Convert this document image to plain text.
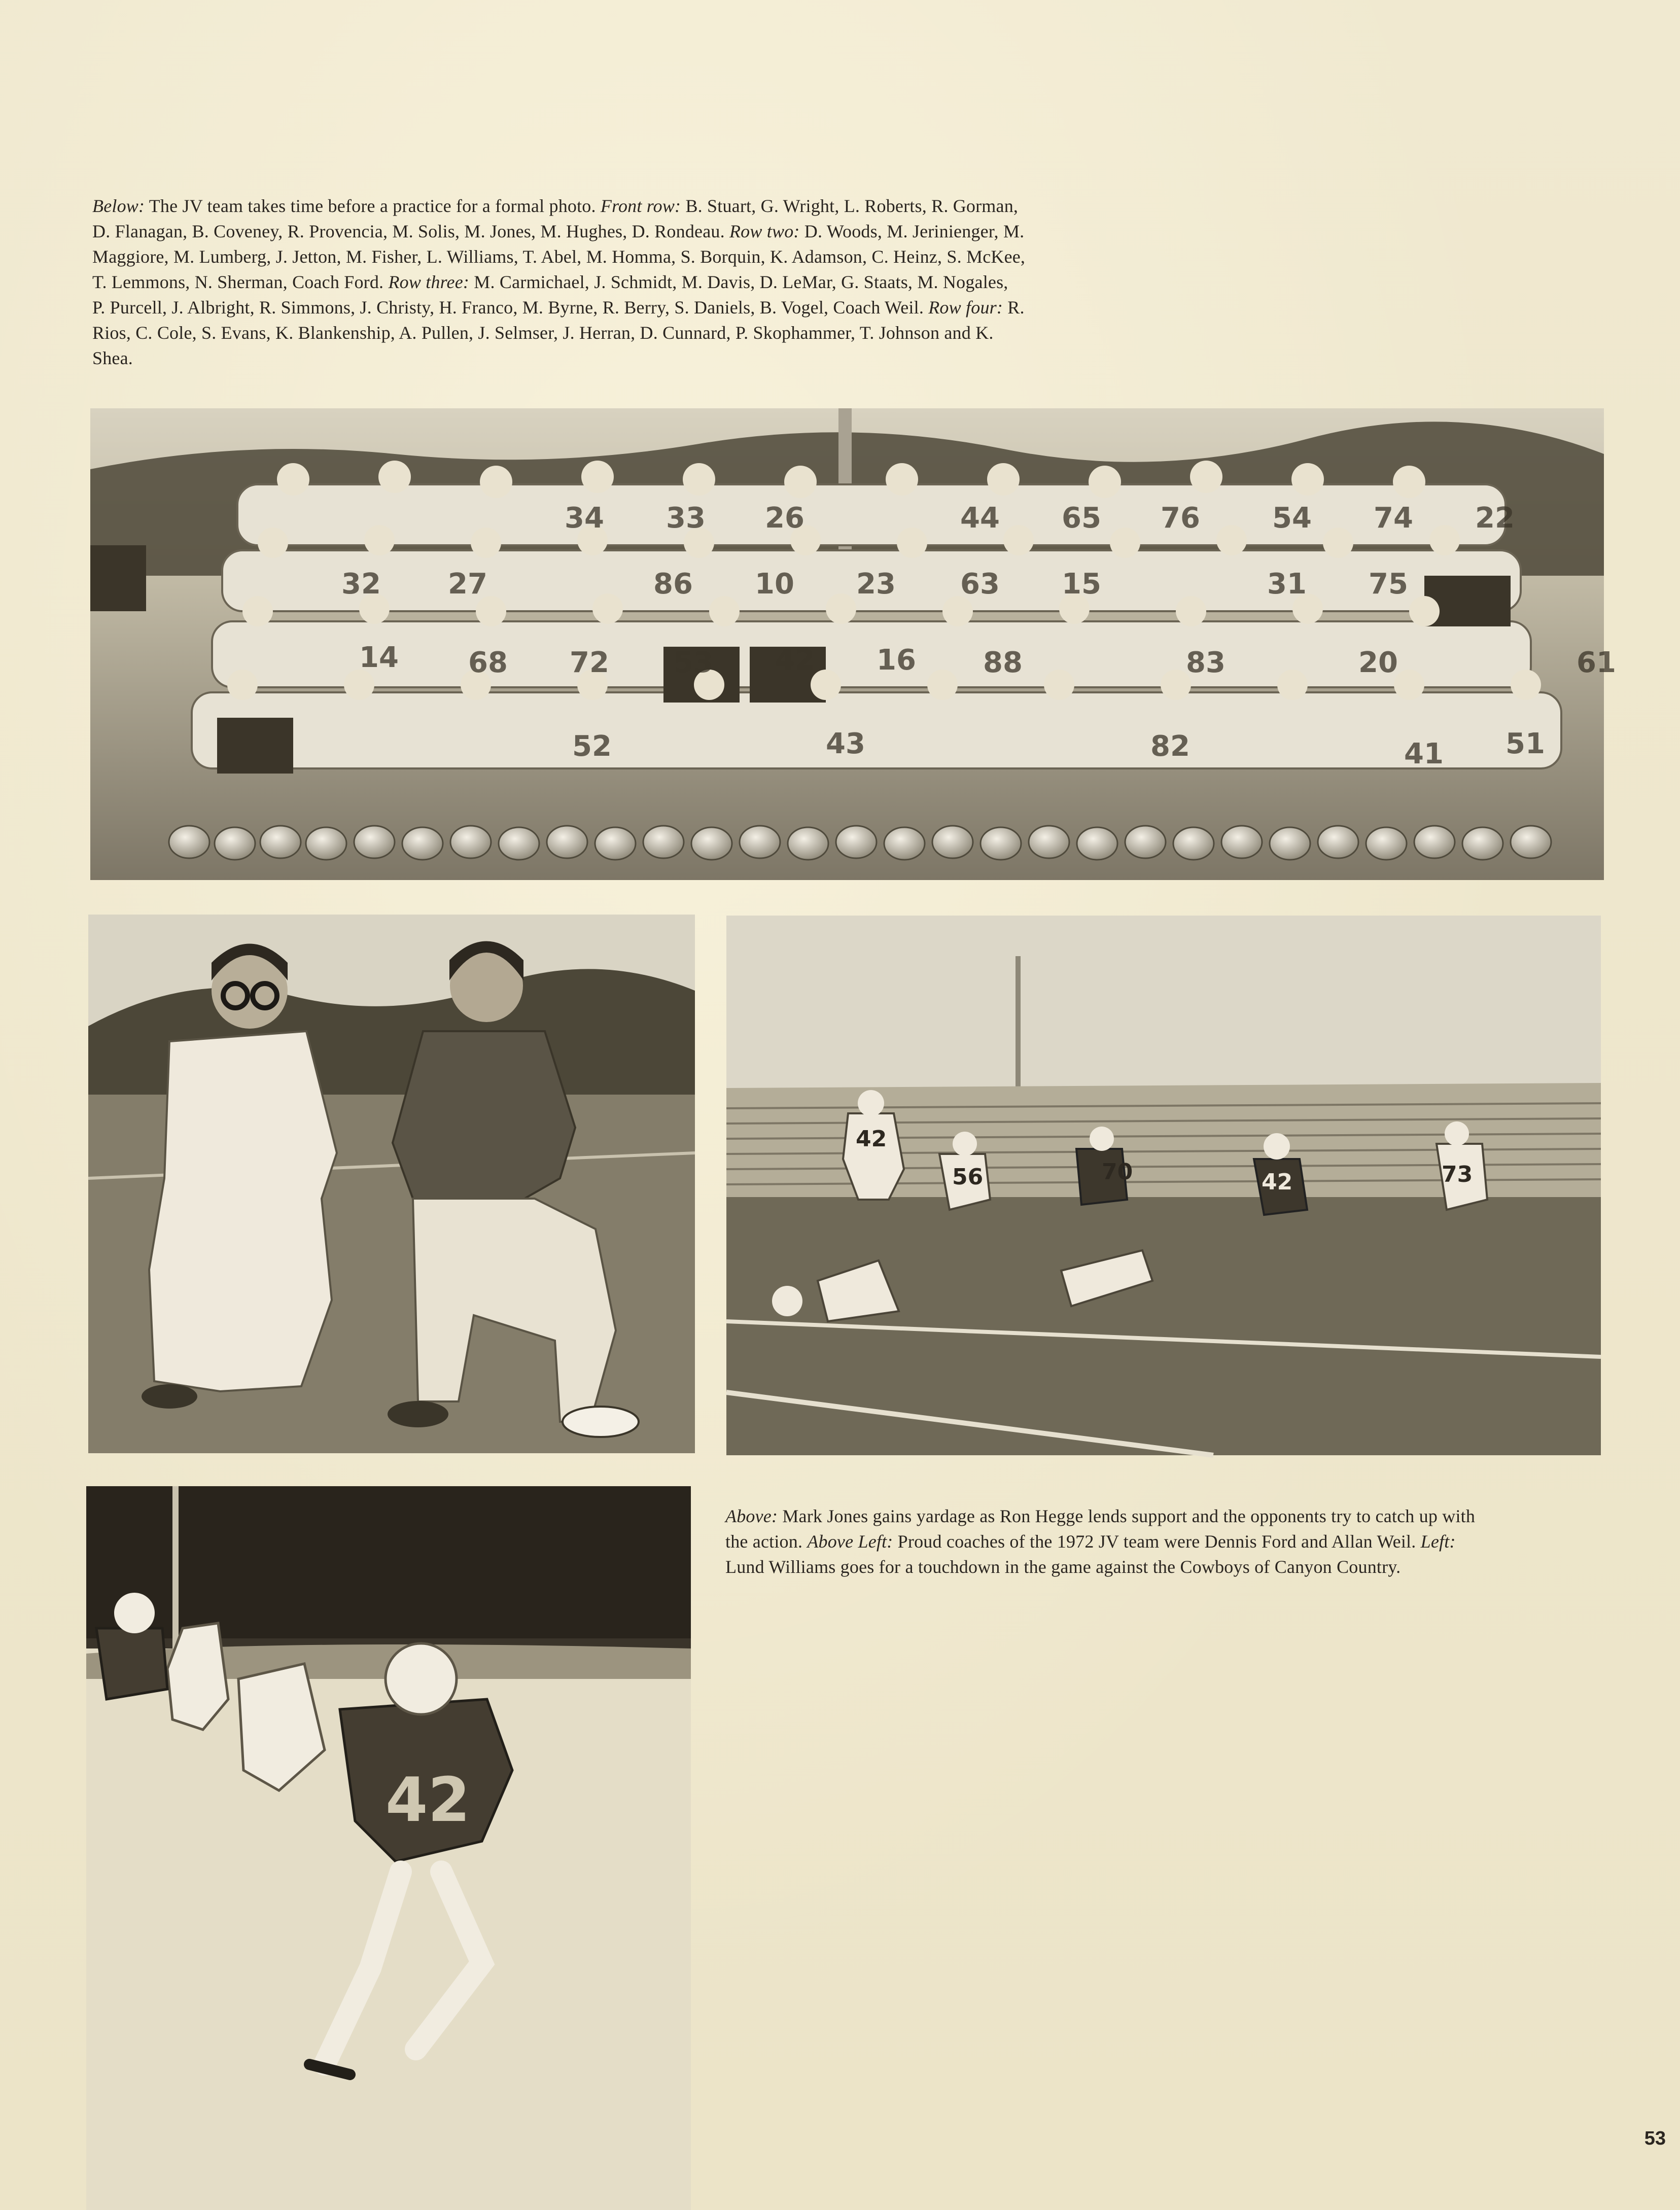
Below: The JV team takes time before a practice for a formal photo. Front row: B. Stuart, G. Wright, L. Roberts, R. Gorman, D. Flanagan, B. Coveney, R. Provencia, M. Solis, M. Jones, M. Hughes, D. Rondeau. Row two: D. Woods, M. Jerinienger, M. Maggiore, M. Lumberg, J. Jetton, M. Fisher, L. Williams, T. Abel, M. Homma, S. Borquin, K. Adamson, C. Heinz, S. McKee, T. Lemmons, N. Sherman, Coach Ford. Row three: M. Carmichael, J. Schmidt, M. Davis, D. LeMar, G. Staats, M. Nogales, P. Purcell, J. Albright, R. Simmons, J. Christy, H. Franco, M. Byrne, R. Berry, S. Daniels, B. Vogel, Coach Weil. Row four: R. Rios, C. Cole, S. Evans, K. Blankenship, A. Pullen, J. Selmser, J. Herran, D. Cunnard, P. Skophammer, T. Johnson and K. Shea.

34 33 26	44 65 76	54 74 22
32 27	86 10 23 63 15	31 75
14 68 72 53 42 16 88	83	20	61
52	43	82	51
41
42
56	70	73
42
42

Above: Mark Jones gains yardage as Ron Hegge lends support and the opponents try to catch up with the action. Above Left: Proud coaches of the 1972 JV team were Dennis Ford and Allan Weil. Left: Lund Williams goes for a touchdown in the game against the Cowboys of Canyon Country.

53
